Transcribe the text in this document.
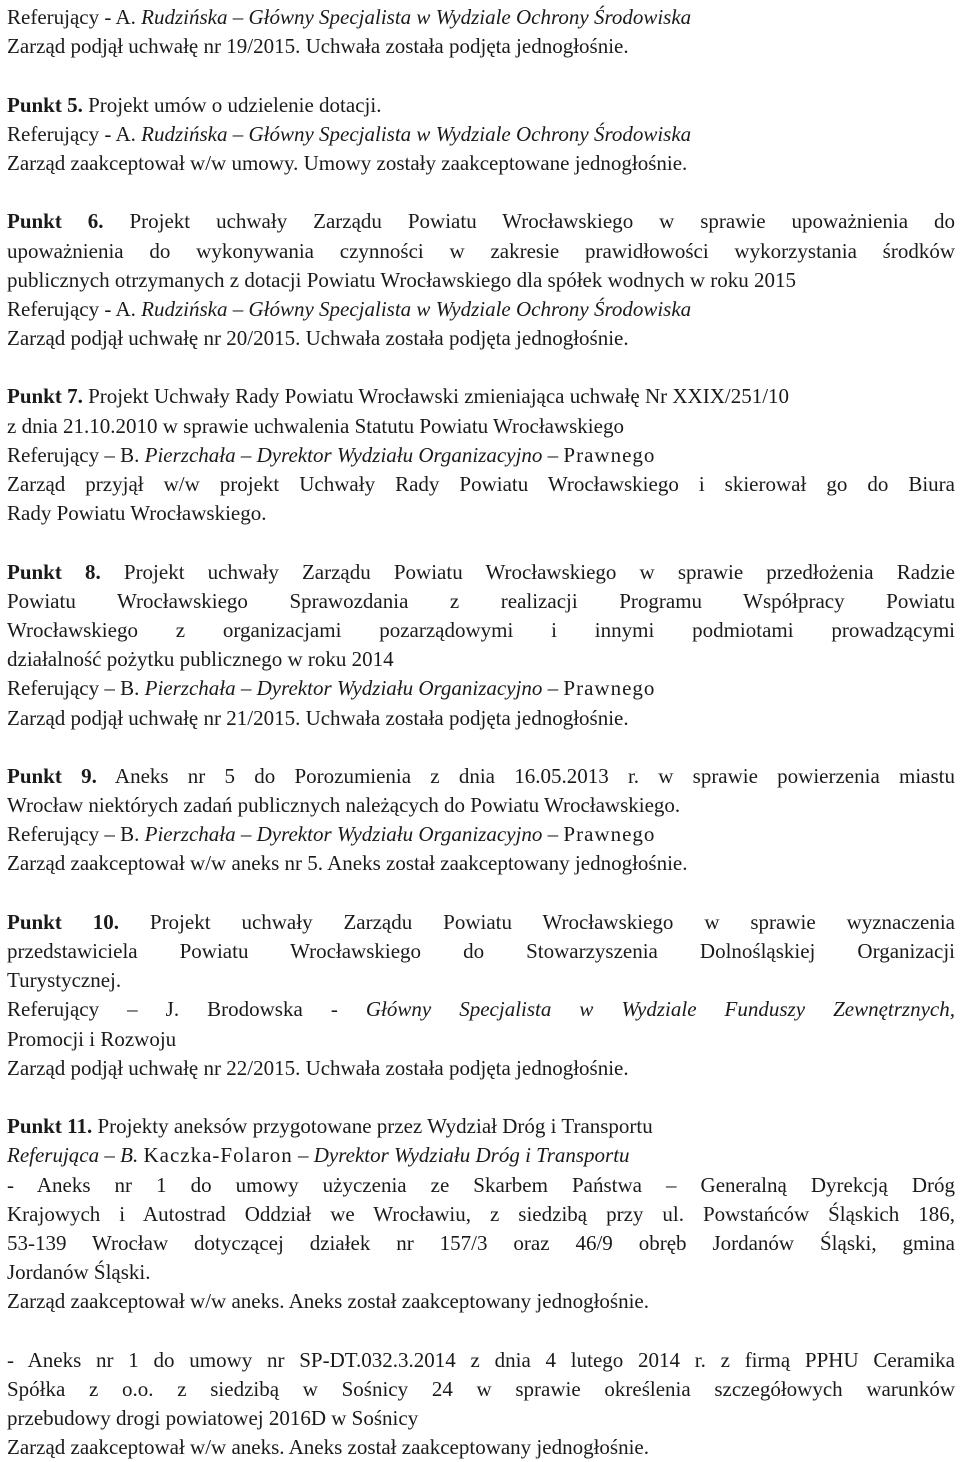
Referujący - A. Rudzińska – Główny Specjalista w Wydziale Ochrony Środowiska
Zarząd podjął uchwałę nr 19/2015. Uchwała została podjęta jednogłośnie.
Punkt 5. Projekt umów o udzielenie dotacji.
Referujący - A. Rudzińska – Główny Specjalista w Wydziale Ochrony Środowiska
Zarząd zaakceptował w/w umowy. Umowy zostały zaakceptowane jednogłośnie.
Punkt 6. Projekt uchwały Zarządu Powiatu Wrocławskiego w sprawie upoważnienia do
upoważnienia do wykonywania czynności w zakresie prawidłowości wykorzystania środków
publicznych otrzymanych z dotacji Powiatu Wrocławskiego dla spółek wodnych w roku 2015
Referujący - A. Rudzińska – Główny Specjalista w Wydziale Ochrony Środowiska
Zarząd podjął uchwałę nr 20/2015. Uchwała została podjęta jednogłośnie.
Punkt 7. Projekt Uchwały Rady Powiatu Wrocławski zmieniająca uchwałę Nr XXIX/251/10
z dnia 21.10.2010 w sprawie uchwalenia Statutu Powiatu Wrocławskiego
Referujący – B. Pierzchała – Dyrektor Wydziału Organizacyjno – Prawnego
Zarząd przyjął w/w projekt Uchwały Rady Powiatu Wrocławskiego i skierował go do Biura
Rady Powiatu Wrocławskiego.
Punkt 8. Projekt uchwały Zarządu Powiatu Wrocławskiego w sprawie przedłożenia Radzie
Powiatu Wrocławskiego Sprawozdania z realizacji Programu Współpracy Powiatu
Wrocławskiego z organizacjami pozarządowymi i innymi podmiotami prowadzącymi
działalność pożytku publicznego w roku 2014
Referujący – B. Pierzchała – Dyrektor Wydziału Organizacyjno – Prawnego
Zarząd podjął uchwałę nr 21/2015. Uchwała została podjęta jednogłośnie.
Punkt 9. Aneks nr 5 do Porozumienia z dnia 16.05.2013 r. w sprawie powierzenia miastu
Wrocław niektórych zadań publicznych należących do Powiatu Wrocławskiego.
Referujący – B. Pierzchała – Dyrektor Wydziału Organizacyjno – Prawnego
Zarząd zaakceptował w/w aneks nr 5. Aneks został zaakceptowany jednogłośnie.
Punkt 10. Projekt uchwały Zarządu Powiatu Wrocławskiego w sprawie wyznaczenia
przedstawiciela Powiatu Wrocławskiego do Stowarzyszenia Dolnośląskiej Organizacji
Turystycznej.
Referujący – J. Brodowska - Główny Specjalista w Wydziale Funduszy Zewnętrznych,
Promocji i Rozwoju
Zarząd podjął uchwałę nr 22/2015. Uchwała została podjęta jednogłośnie.
Punkt 11. Projekty aneksów przygotowane przez Wydział Dróg i Transportu
Referująca – B. Kaczka-Folaron – Dyrektor Wydziału Dróg i Transportu
- Aneks nr 1 do umowy użyczenia ze Skarbem Państwa – Generalną Dyrekcją Dróg
Krajowych i Autostrad Oddział we Wrocławiu, z siedzibą przy ul. Powstańców Śląskich 186,
53-139 Wrocław dotyczącej działek nr 157/3 oraz 46/9 obręb Jordanów Śląski, gmina
Jordanów Śląski.
Zarząd zaakceptował w/w aneks. Aneks został zaakceptowany jednogłośnie.
- Aneks nr 1 do umowy nr SP-DT.032.3.2014 z dnia 4 lutego 2014 r. z firmą PPHU Ceramika
Spółka z o.o. z siedzibą w Sośnicy 24 w sprawie określenia szczegółowych warunków
przebudowy drogi powiatowej 2016D w Sośnicy
Zarząd zaakceptował w/w aneks. Aneks został zaakceptowany jednogłośnie.
